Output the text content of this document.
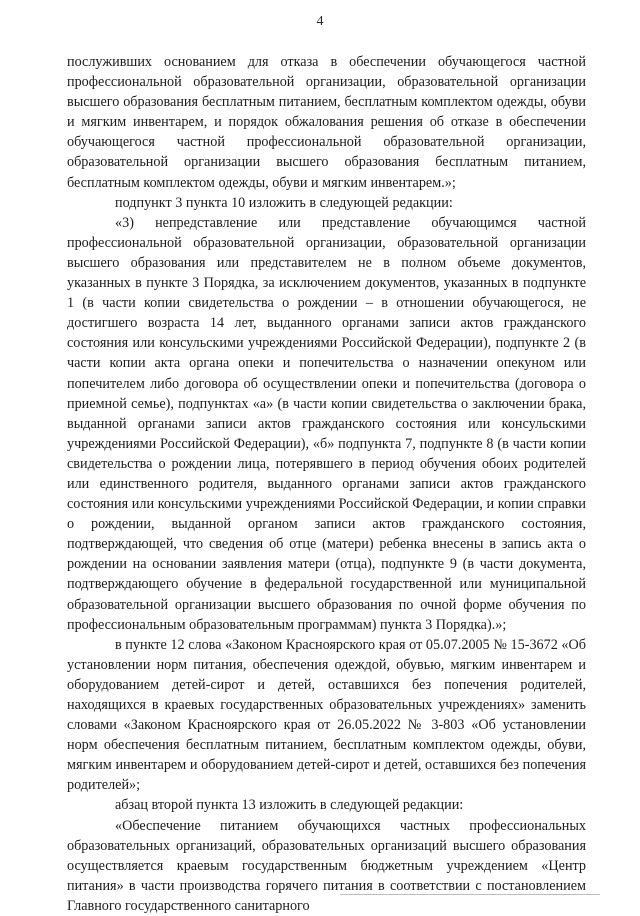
4

послуживших основанием для отказа в обеспечении обучающегося частной профессиональной образовательной организации, образовательной организации высшего образования бесплатным питанием, бесплатным комплектом одежды, обуви и мягким инвентарем, и порядок обжалования решения об отказе в обеспечении обучающегося частной профессиональной образовательной организации, образовательной организации высшего образования бесплатным питанием, бесплатным комплектом одежды, обуви и мягким инвентарем.»;

подпункт 3 пункта 10 изложить в следующей редакции:

«3) непредставление или представление обучающимся частной профессиональной образовательной организации, образовательной организации высшего образования или представителем не в полном объеме документов, указанных в пункте 3 Порядка, за исключением документов, указанных в подпункте 1 (в части копии свидетельства о рождении – в отношении обучающегося, не достигшего возраста 14 лет, выданного органами записи актов гражданского состояния или консульскими учреждениями Российской Федерации), подпункте 2 (в части копии акта органа опеки и попечительства о назначении опекуном или попечителем либо договора об осуществлении опеки и попечительства (договора о приемной семье), подпунктах «а» (в части копии свидетельства о заключении брака, выданной органами записи актов гражданского состояния или консульскими учреждениями Российской Федерации), «б» подпункта 7, подпункте 8 (в части копии свидетельства о рождении лица, потерявшего в период обучения обоих родителей или единственного родителя, выданного органами записи актов гражданского состояния или консульскими учреждениями Российской Федерации, и копии справки о рождении, выданной органом записи актов гражданского состояния, подтверждающей, что сведения об отце (матери) ребенка внесены в запись акта о рождении на основании заявления матери (отца), подпункте 9 (в части документа, подтверждающего обучение в федеральной государственной или муниципальной образовательной организации высшего образования по очной форме обучения по профессиональным образовательным программам) пункта 3 Порядка).»;

в пункте 12 слова «Законом Красноярского края от 05.07.2005 № 15-3672 «Об установлении норм питания, обеспечения одеждой, обувью, мягким инвентарем и оборудованием детей-сирот и детей, оставшихся без попечения родителей, находящихся в краевых государственных образовательных учреждениях» заменить словами «Законом Красноярского края от 26.05.2022 № 3-803 «Об установлении норм обеспечения бесплатным питанием, бесплатным комплектом одежды, обуви, мягким инвентарем и оборудованием детей-сирот и детей, оставшихся без попечения родителей»;

абзац второй пункта 13 изложить в следующей редакции:

«Обеспечение питанием обучающихся частных профессиональных образовательных организаций, образовательных организаций высшего образования осуществляется краевым государственным бюджетным учреждением «Центр питания» в части производства горячего питания в соответствии с постановлением Главного государственного санитарного
